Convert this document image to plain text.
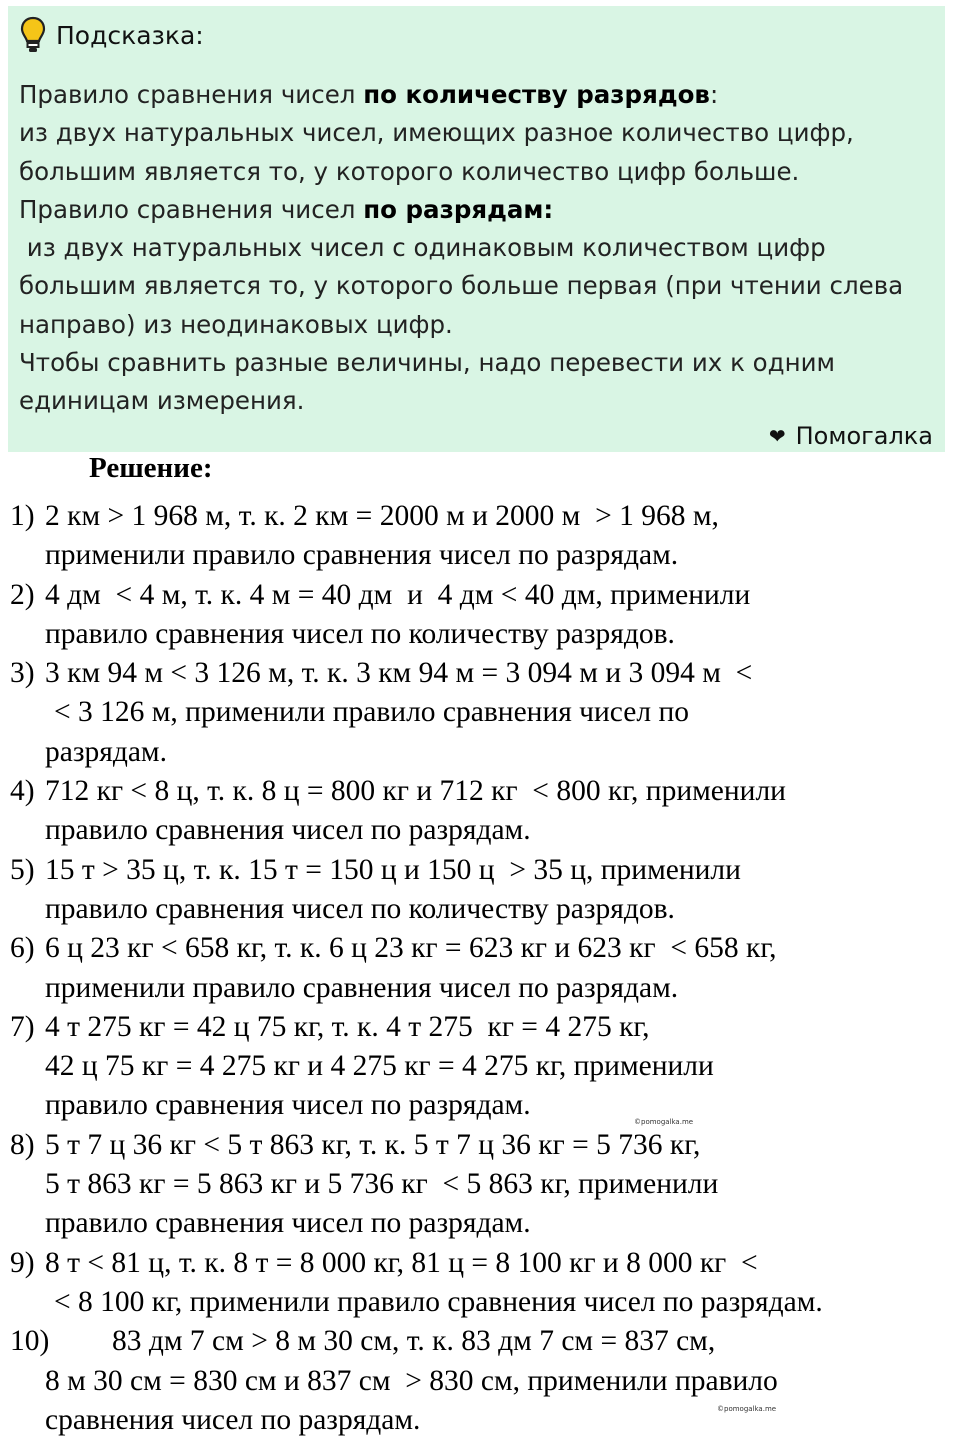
Подсказка:
Правило сравнения чисел по количеству разрядов:
из двух натуральных чисел, имеющих разное количество цифр,
большим является то, у которого количество цифр больше.
Правило сравнения чисел по разрядам:
из двух натуральных чисел с одинаковым количеством цифр
большим является то, у которого больше первая (при чтении слева
направо) из неодинаковых цифр.
Чтобы сравнить разные величины, надо перевести их к одним
единицам измерения.
❤ Помогалка
Решение:
1) 2 км > 1 968 м, т. к. 2 км = 2000 м и 2000 м  > 1 968 м,
применили правило сравнения чисел по разрядам.
2) 4 дм  < 4 м, т. к. 4 м = 40 дм  и  4 дм < 40 дм, применили
правило сравнения чисел по количеству разрядов.
3) 3 км 94 м < 3 126 м, т. к. 3 км 94 м = 3 094 м и 3 094 м  <
< 3 126 м, применили правило сравнения чисел по
разрядам.
4) 712 кг < 8 ц, т. к. 8 ц = 800 кг и 712 кг  < 800 кг, применили
правило сравнения чисел по разрядам.
5) 15 т > 35 ц, т. к. 15 т = 150 ц и 150 ц  > 35 ц, применили
правило сравнения чисел по количеству разрядов.
6) 6 ц 23 кг < 658 кг, т. к. 6 ц 23 кг = 623 кг и 623 кг  < 658 кг,
применили правило сравнения чисел по разрядам.
7) 4 т 275 кг = 42 ц 75 кг, т. к. 4 т 275  кг = 4 275 кг,
42 ц 75 кг = 4 275 кг и 4 275 кг = 4 275 кг, применили
правило сравнения чисел по разрядам.
8) 5 т 7 ц 36 кг < 5 т 863 кг, т. к. 5 т 7 ц 36 кг = 5 736 кг,
5 т 863 кг = 5 863 кг и 5 736 кг  < 5 863 кг, применили
правило сравнения чисел по разрядам.
9) 8 т < 81 ц, т. к. 8 т = 8 000 кг, 81 ц = 8 100 кг и 8 000 кг  <
< 8 100 кг, применили правило сравнения чисел по разрядам.
10) 83 дм 7 см > 8 м 30 см, т. к. 83 дм 7 см = 837 см,
8 м 30 см = 830 см и 837 см  > 830 см, применили правило
сравнения чисел по разрядам.
©pomogalka.me
©pomogalka.me
